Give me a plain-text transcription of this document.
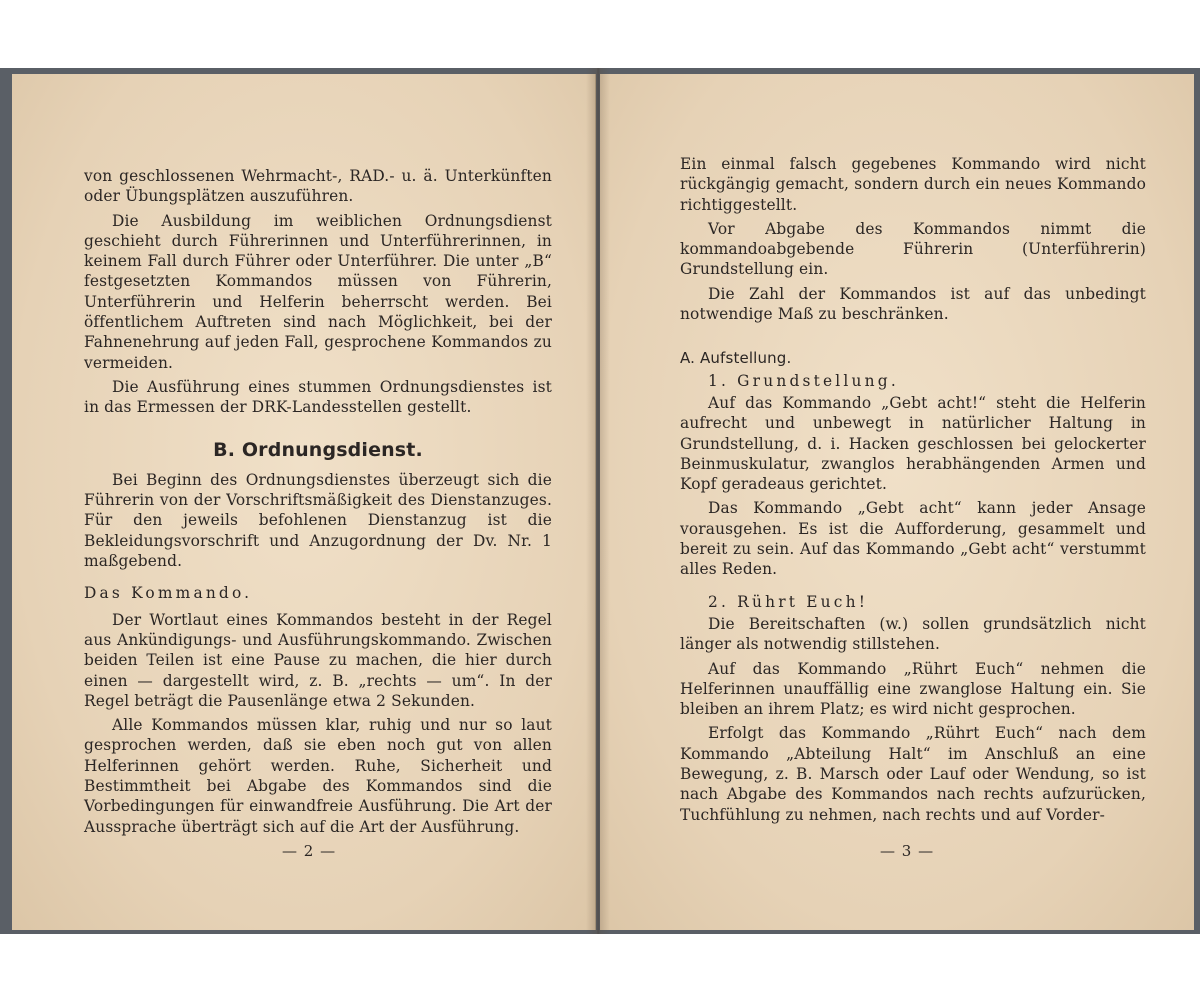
von geschlossenen Wehrmacht-, RAD.- u. ä. Unterkünften oder Übungsplätzen auszuführen.

Die Ausbildung im weiblichen Ordnungsdienst geschieht durch Führerinnen und Unterführerinnen, in keinem Fall durch Führer oder Unterführer. Die unter „B“ festgesetzten Kommandos müssen von Führerin, Unterführerin und Helferin beherrscht werden. Bei öffentlichem Auftreten sind nach Möglichkeit, bei der Fahnenehrung auf jeden Fall, gesprochene Kommandos zu vermeiden.

Die Ausführung eines stummen Ordnungsdienstes ist in das Ermessen der DRK-Landesstellen gestellt.

B. Ordnungsdienst.

Bei Beginn des Ordnungsdienstes überzeugt sich die Führerin von der Vorschriftsmäßigkeit des Dienstanzuges. Für den jeweils befohlenen Dienstanzug ist die Bekleidungsvorschrift und Anzugordnung der Dv. Nr. 1 maßgebend.

Das Kommando.

Der Wortlaut eines Kommandos besteht in der Regel aus Ankündigungs- und Ausführungskommando. Zwischen beiden Teilen ist eine Pause zu machen, die hier durch einen — dargestellt wird, z. B. „rechts — um“. In der Regel beträgt die Pausenlänge etwa 2 Sekunden.

Alle Kommandos müssen klar, ruhig und nur so laut gesprochen werden, daß sie eben noch gut von allen Helferinnen gehört werden. Ruhe, Sicherheit und Bestimmtheit bei Abgabe des Kommandos sind die Vorbedingungen für einwandfreie Ausführung. Die Art der Aussprache überträgt sich auf die Art der Ausführung.

— 2 —

Ein einmal falsch gegebenes Kommando wird nicht rückgängig gemacht, sondern durch ein neues Kommando richtiggestellt.

Vor Abgabe des Kommandos nimmt die kommandoabgebende Führerin (Unterführerin) Grundstellung ein.

Die Zahl der Kommandos ist auf das unbedingt notwendige Maß zu beschränken.

A. Aufstellung.
1. Grundstellung.

Auf das Kommando „Gebt acht!“ steht die Helferin aufrecht und unbewegt in natürlicher Haltung in Grundstellung, d. i. Hacken geschlossen bei gelockerter Beinmuskulatur, zwanglos herabhängenden Armen und Kopf geradeaus gerichtet.

Das Kommando „Gebt acht“ kann jeder Ansage vorausgehen. Es ist die Aufforderung, gesammelt und bereit zu sein. Auf das Kommando „Gebt acht“ verstummt alles Reden.

2. Rührt Euch!

Die Bereitschaften (w.) sollen grundsätzlich nicht länger als notwendig stillstehen.

Auf das Kommando „Rührt Euch“ nehmen die Helferinnen unauffällig eine zwanglose Haltung ein. Sie bleiben an ihrem Platz; es wird nicht gesprochen.

Erfolgt das Kommando „Rührt Euch“ nach dem Kommando „Abteilung Halt“ im Anschluß an eine Bewegung, z. B. Marsch oder Lauf oder Wendung, so ist nach Abgabe des Kommandos nach rechts aufzurücken, Tuchfühlung zu nehmen, nach rechts und auf Vorder-

— 3 —
